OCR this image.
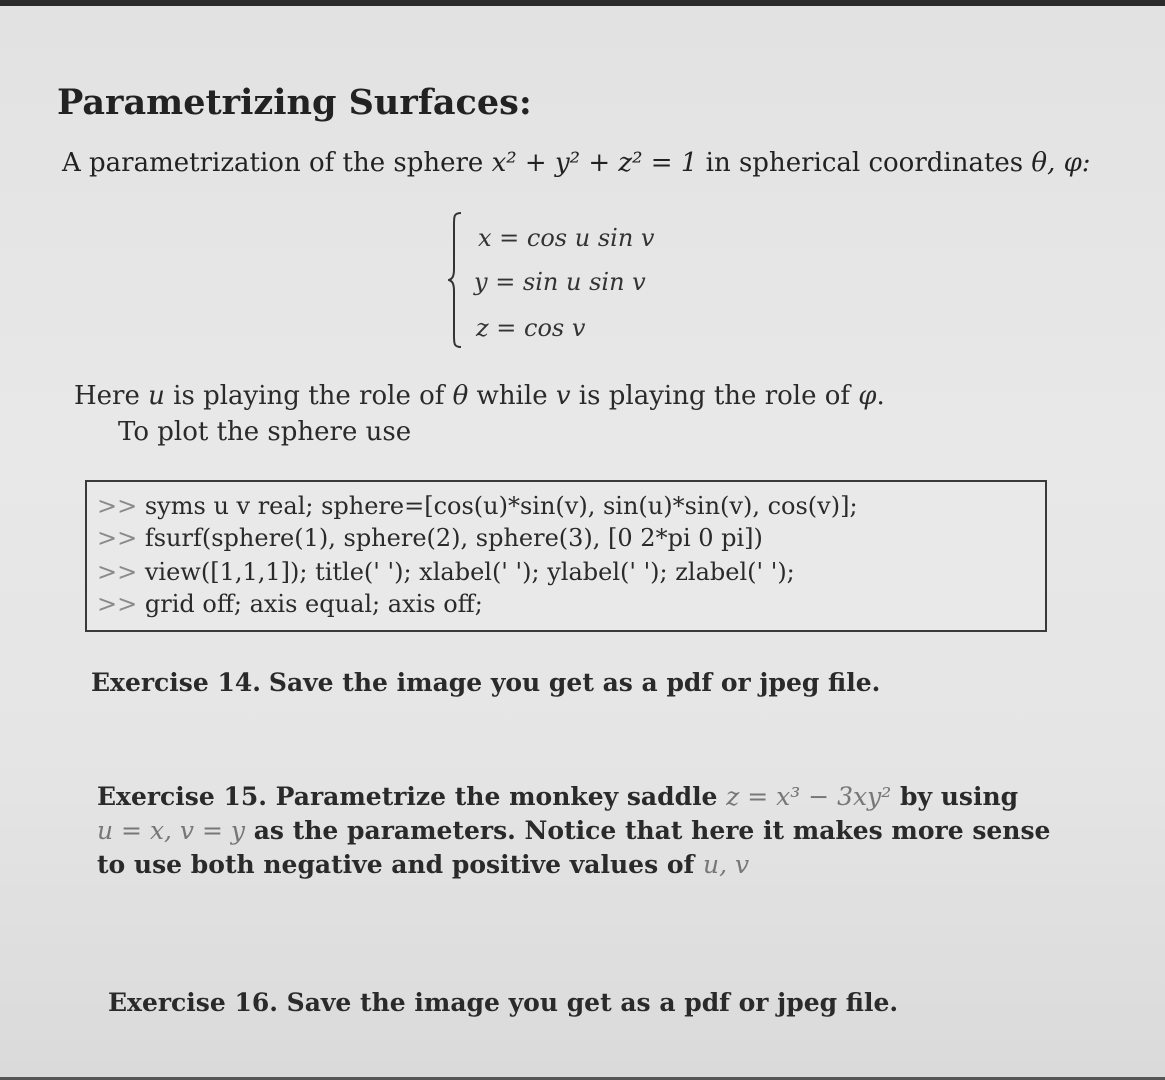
Parametrizing Surfaces:
A parametrization of the sphere x² + y² + z² = 1 in spherical coordinates θ, φ:
x = cos u sin v
y = sin u sin v
z = cos v
Here u is playing the role of θ while v is playing the role of φ.
To plot the sphere use
>> syms u v real; sphere=[cos(u)*sin(v), sin(u)*sin(v), cos(v)];
>> fsurf(sphere(1), sphere(2), sphere(3), [0 2*pi 0 pi])
>> view([1,1,1]); title(' '); xlabel(' '); ylabel(' '); zlabel(' ');
>> grid off; axis equal; axis off;
Exercise 14. Save the image you get as a pdf or jpeg file.
Exercise 15. Parametrize the monkey saddle z = x³ − 3xy² by using
u = x, v = y as the parameters. Notice that here it makes more sense to use both negative and positive values of u, v
Exercise 16. Save the image you get as a pdf or jpeg file.
